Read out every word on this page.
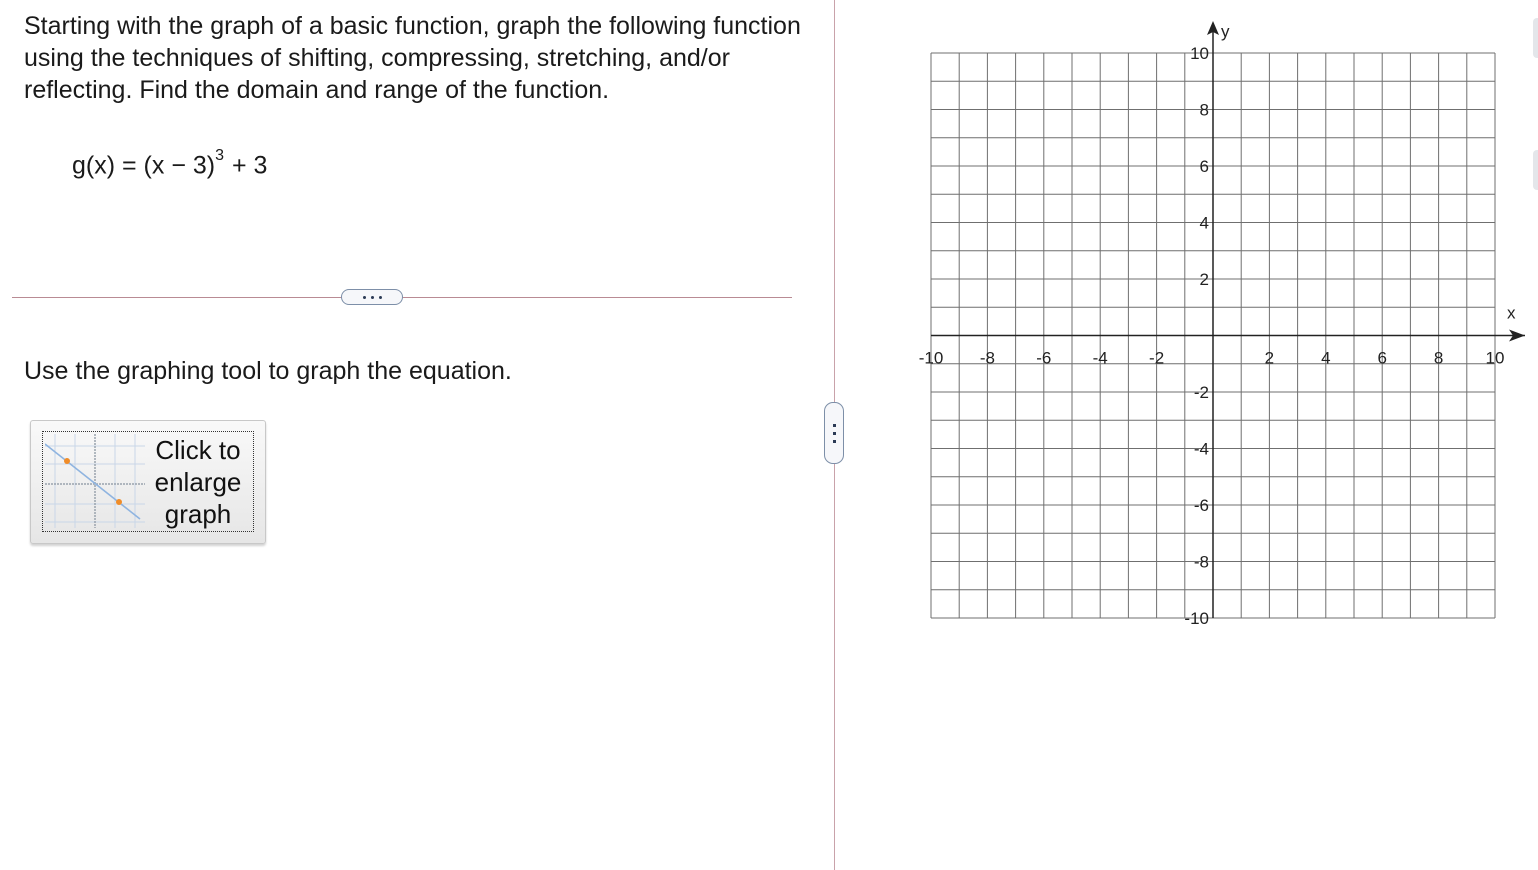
Starting with the graph of a basic function, graph the following function using the techniques of shifting, compressing, stretching, and/or reflecting. Find the domain and range of the function.
$g(x) = (x - 3)^3 + 3$
Use the graphing tool to graph the equation.
Click to
enlarge
graph
x
y
-10 -8 -6 -4 -2	2	4	6	8 10
10
8
6
4
2
-2
-4
-6
-8
-10
